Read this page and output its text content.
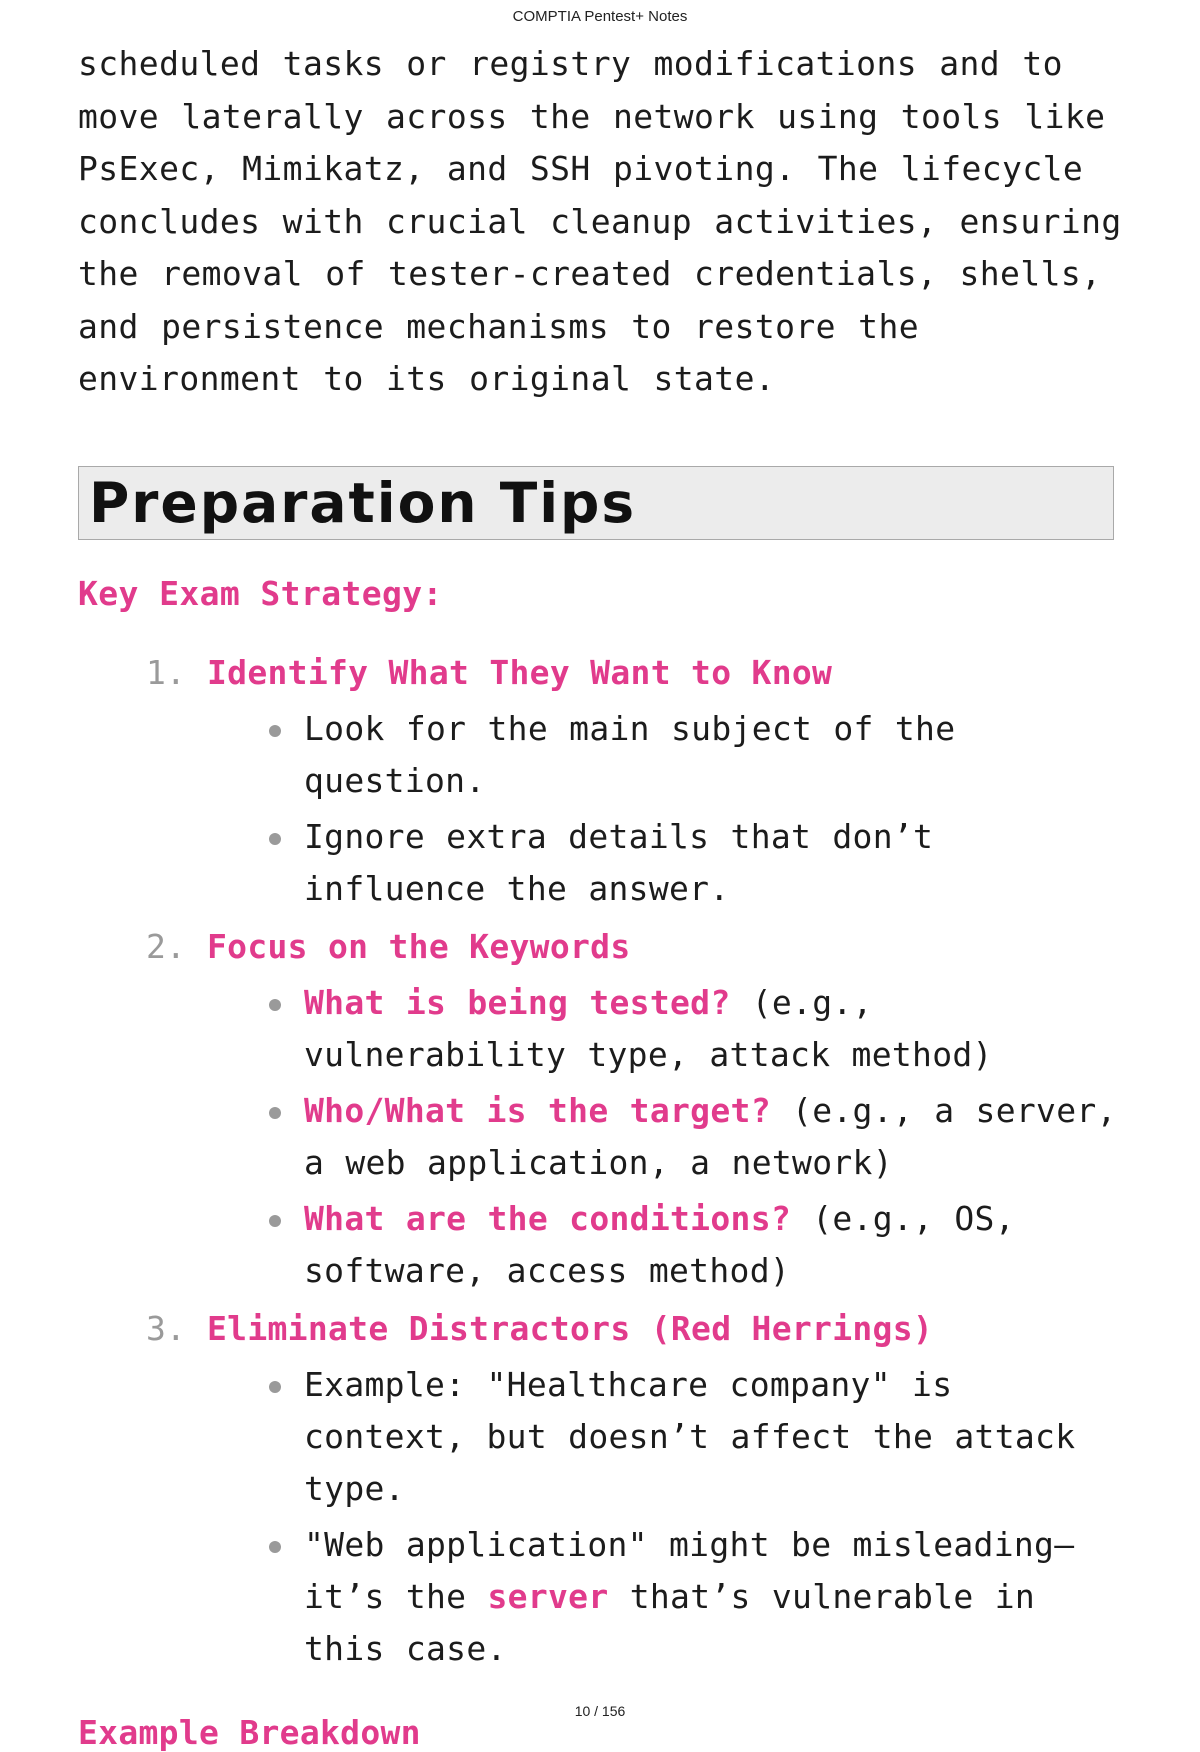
COMPTIA Pentest+ Notes

scheduled tasks or registry modifications and to move laterally across the network using tools like PsExec, Mimikatz, and SSH pivoting. The lifecycle concludes with crucial cleanup activities, ensuring the removal of tester-created credentials, shells, and persistence mechanisms to restore the environment to its original state.

Preparation Tips
Key Exam Strategy:
1. Identify What They Want to Know
Look for the main subject of the question.
Ignore extra details that don’t influence the answer.
2. Focus on the Keywords
What is being tested? (e.g., vulnerability type, attack method)
Who/What is the target? (e.g., a server, a web application, a network)
What are the conditions? (e.g., OS, software, access method)
3. Eliminate Distractors (Red Herrings)
Example: "Healthcare company" is context, but doesn’t affect the attack type.
"Web application" might be misleading—it’s the server that’s vulnerable in this case.
Example Breakdown
10 / 156
